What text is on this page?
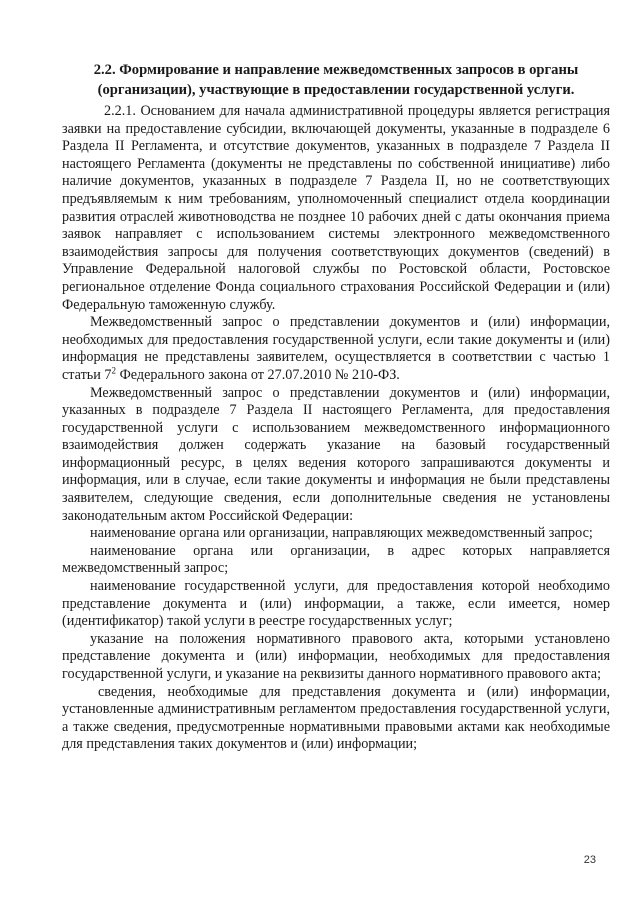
2.2. Формирование и направление межведомственных запросов в органы (организации), участвующие в предоставлении государственной услуги.

2.2.1. Основанием для начала административной процедуры является регистрация заявки на предоставление субсидии, включающей документы, указанные в подразделе 6 Раздела II Регламента, и отсутствие документов, указанных в подразделе 7 Раздела II настоящего Регламента (документы не представлены по собственной инициативе) либо наличие документов, указанных в подразделе 7 Раздела II, но не соответствующих предъявляемым к ним требованиям, уполномоченный специалист отдела координации развития отраслей животноводства не позднее 10 рабочих дней с даты окончания приема заявок направляет с использованием системы электронного межведомственного взаимодействия запросы для получения соответствующих документов (сведений) в Управление Федеральной налоговой службы по Ростовской области, Ростовское региональное отделение Фонда социального страхования Российской Федерации и (или) Федеральную таможенную службу.

Межведомственный запрос о представлении документов и (или) информации, необходимых для предоставления государственной услуги, если такие документы и (или) информация не представлены заявителем, осуществляется в соответствии с частью 1 статьи $7^2$ Федерального закона от 27.07.2010 № 210-ФЗ.

Межведомственный запрос о представлении документов и (или) информации, указанных в подразделе 7 Раздела II настоящего Регламента, для предоставления государственной услуги с использованием межведомственного информационного взаимодействия должен содержать указание на базовый государственный информационный ресурс, в целях ведения которого запрашиваются документы и информация, или в случае, если такие документы и информация не были представлены заявителем, следующие сведения, если дополнительные сведения не установлены законодательным актом Российской Федерации:

наименование органа или организации, направляющих межведомственный запрос;

наименование органа или организации, в адрес которых направляется межведомственный запрос;

наименование государственной услуги, для предоставления которой необходимо представление документа и (или) информации, а также, если имеется, номер (идентификатор) такой услуги в реестре государственных услуг;

указание на положения нормативного правового акта, которыми установлено представление документа и (или) информации, необходимых для предоставления государственной услуги, и указание на реквизиты данного нормативного правового акта;

сведения, необходимые для представления документа и (или) информации, установленные административным регламентом предоставления государственной услуги, а также сведения, предусмотренные нормативными правовыми актами как необходимые для представления таких документов и (или) информации;

23
